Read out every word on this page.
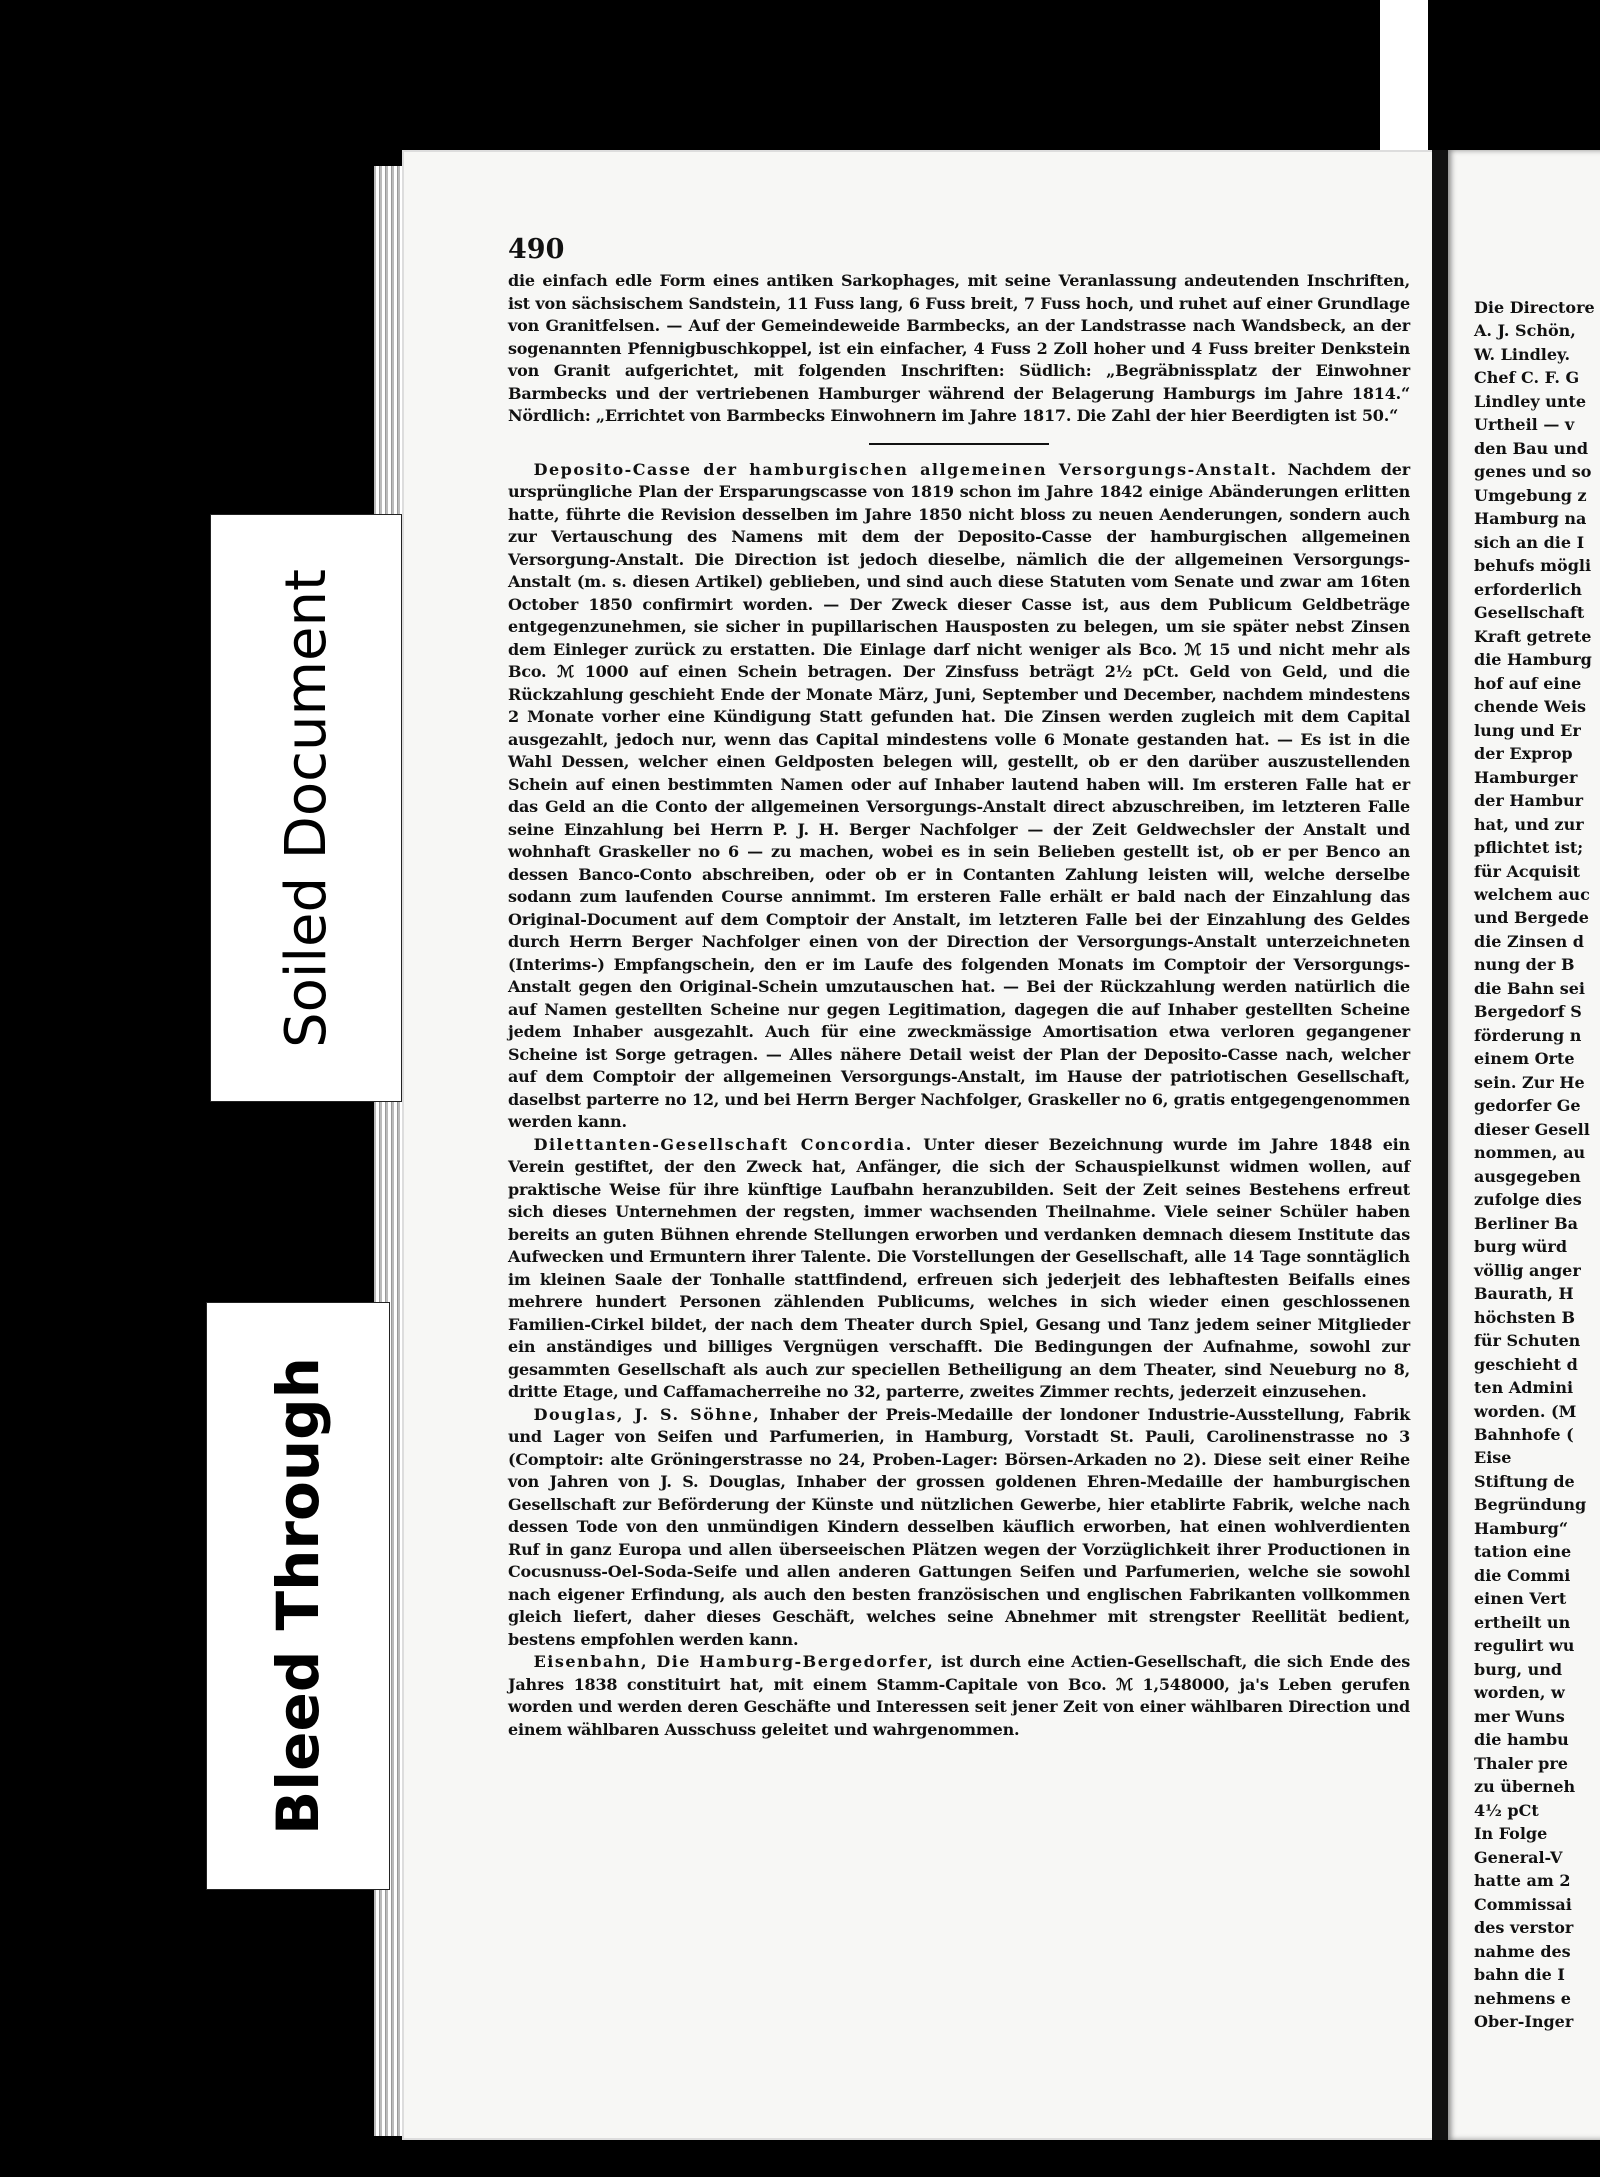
490

die einfach edle Form eines antiken Sarkophages, mit seine Veranlassung andeutenden Inschriften, ist von sächsischem Sandstein, 11 Fuss lang, 6 Fuss breit, 7 Fuss hoch, und ruhet auf einer Grundlage von Granitfelsen. — Auf der Gemeindeweide Barmbecks, an der Landstrasse nach Wandsbeck, an der sogenannten Pfennigbuschkoppel, ist ein einfacher, 4 Fuss 2 Zoll hoher und 4 Fuss breiter Denkstein von Granit aufgerichtet, mit folgenden Inschriften: Südlich: „Begräbnissplatz der Einwohner Barmbecks und der vertriebenen Hamburger während der Belagerung Hamburgs im Jahre 1814.“ Nördlich: „Errichtet von Barmbecks Einwohnern im Jahre 1817. Die Zahl der hier Beerdigten ist 50.“

Deposito-Casse der hamburgischen allgemeinen Versorgungs-Anstalt. Nachdem der ursprüngliche Plan der Ersparungscasse von 1819 schon im Jahre 1842 einige Abänderungen erlitten hatte, führte die Revision desselben im Jahre 1850 nicht bloss zu neuen Aenderungen, sondern auch zur Vertauschung des Namens mit dem der Deposito-Casse der hamburgischen allgemeinen Versorgung-Anstalt. Die Direction ist jedoch dieselbe, nämlich die der allgemeinen Versorgungs-Anstalt (m. s. diesen Artikel) geblieben, und sind auch diese Statuten vom Senate und zwar am 16ten October 1850 confirmirt worden. — Der Zweck dieser Casse ist, aus dem Publicum Geldbeträge entgegenzunehmen, sie sicher in pupillarischen Hausposten zu belegen, um sie später nebst Zinsen dem Einleger zurück zu erstatten. Die Einlage darf nicht weniger als Bco. ℳ 15 und nicht mehr als Bco. ℳ 1000 auf einen Schein betragen. Der Zinsfuss beträgt 2½ pCt. Geld von Geld, und die Rückzahlung geschieht Ende der Monate März, Juni, September und December, nachdem mindestens 2 Monate vorher eine Kündigung Statt gefunden hat. Die Zinsen werden zugleich mit dem Capital ausgezahlt, jedoch nur, wenn das Capital mindestens volle 6 Monate gestanden hat. — Es ist in die Wahl Dessen, welcher einen Geldposten belegen will, gestellt, ob er den darüber auszustellenden Schein auf einen bestimmten Namen oder auf Inhaber lautend haben will. Im ersteren Falle hat er das Geld an die Conto der allgemeinen Versorgungs-Anstalt direct abzuschreiben, im letzteren Falle seine Einzahlung bei Herrn P. J. H. Berger Nachfolger — der Zeit Geldwechsler der Anstalt und wohnhaft Graskeller no 6 — zu machen, wobei es in sein Belieben gestellt ist, ob er per Benco an dessen Banco-Conto abschreiben, oder ob er in Contanten Zahlung leisten will, welche derselbe sodann zum laufenden Course annimmt. Im ersteren Falle erhält er bald nach der Einzahlung das Original-Document auf dem Comptoir der Anstalt, im letzteren Falle bei der Einzahlung des Geldes durch Herrn Berger Nachfolger einen von der Direction der Versorgungs-Anstalt unterzeichneten (Interims-) Empfangschein, den er im Laufe des folgenden Monats im Comptoir der Versorgungs-Anstalt gegen den Original-Schein umzutauschen hat. — Bei der Rückzahlung werden natürlich die auf Namen gestellten Scheine nur gegen Legitimation, dagegen die auf Inhaber gestellten Scheine jedem Inhaber ausgezahlt. Auch für eine zweckmässige Amortisation etwa verloren gegangener Scheine ist Sorge getragen. — Alles nähere Detail weist der Plan der Deposito-Casse nach, welcher auf dem Comptoir der allgemeinen Versorgungs-Anstalt, im Hause der patriotischen Gesellschaft, daselbst parterre no 12, und bei Herrn Berger Nachfolger, Graskeller no 6, gratis entgegengenommen werden kann.

Dilettanten-Gesellschaft Concordia. Unter dieser Bezeichnung wurde im Jahre 1848 ein Verein gestiftet, der den Zweck hat, Anfänger, die sich der Schauspielkunst widmen wollen, auf praktische Weise für ihre künftige Laufbahn heranzubilden. Seit der Zeit seines Bestehens erfreut sich dieses Unternehmen der regsten, immer wachsenden Theilnahme. Viele seiner Schüler haben bereits an guten Bühnen ehrende Stellungen erworben und verdanken demnach diesem Institute das Aufwecken und Ermuntern ihrer Talente. Die Vorstellungen der Gesellschaft, alle 14 Tage sonntäglich im kleinen Saale der Tonhalle stattfindend, erfreuen sich jederjeit des lebhaftesten Beifalls eines mehrere hundert Personen zählenden Publicums, welches in sich wieder einen geschlossenen Familien-Cirkel bildet, der nach dem Theater durch Spiel, Gesang und Tanz jedem seiner Mitglieder ein anständiges und billiges Vergnügen verschafft. Die Bedingungen der Aufnahme, sowohl zur gesammten Gesellschaft als auch zur speciellen Betheiligung an dem Theater, sind Neueburg no 8, dritte Etage, und Caffamacherreihe no 32, parterre, zweites Zimmer rechts, jederzeit einzusehen.

Douglas, J. S. Söhne, Inhaber der Preis-Medaille der londoner Industrie-Ausstellung, Fabrik und Lager von Seifen und Parfumerien, in Hamburg, Vorstadt St. Pauli, Carolinenstrasse no 3 (Comptoir: alte Gröningerstrasse no 24, Proben-Lager: Börsen-Arkaden no 2). Diese seit einer Reihe von Jahren von J. S. Douglas, Inhaber der grossen goldenen Ehren-Medaille der hamburgischen Gesellschaft zur Beförderung der Künste und nützlichen Gewerbe, hier etablirte Fabrik, welche nach dessen Tode von den unmündigen Kindern desselben käuflich erworben, hat einen wohlverdienten Ruf in ganz Europa und allen überseeischen Plätzen wegen der Vorzüglichkeit ihrer Productionen in Cocusnuss-Oel-Soda-Seife und allen anderen Gattungen Seifen und Parfumerien, welche sie sowohl nach eigener Erfindung, als auch den besten französischen und englischen Fabrikanten vollkommen gleich liefert, daher dieses Geschäft, welches seine Abnehmer mit strengster Reellität bedient, bestens empfohlen werden kann.

Eisenbahn, Die Hamburg-Bergedorfer, ist durch eine Actien-Gesellschaft, die sich Ende des Jahres 1838 constituirt hat, mit einem Stamm-Capitale von Bco. ℳ 1,548000, ja's Leben gerufen worden und werden deren Geschäfte und Interessen seit jener Zeit von einer wählbaren Direction und einem wählbaren Ausschuss geleitet und wahrgenommen.

Die Directore
A. J. Schön,
W. Lindley.
Chef C. F. G
Lindley unte
Urtheil — v
den Bau und
genes und so
Umgebung z
Hamburg na
sich an die I
behufs mögli
erforderlich
Gesellschaft
Kraft getrete
die Hamburg
hof auf eine
chende Weis
lung und Er
der Exprop
Hamburger
der Hambur
hat, und zur
pflichtet ist;
für Acquisit
welchem auc
und Bergede
die Zinsen d
nung der B
die Bahn sei
Bergedorf S
förderung n
einem Orte
sein. Zur He
gedorfer Ge
dieser Gesell
nommen, au
ausgegeben
zufolge dies
Berliner Ba
burg würd
völlig anger
Baurath, H
höchsten B
für Schuten
geschieht d
ten Admini
worden. (M
Bahnhofe (
Eise
Stiftung de
Begründung
Hamburg“
tation eine
die Commi
einen Vert
ertheilt un
regulirt wu
burg, und
worden, w
mer Wuns
die hambu
Thaler pre
zu überneh
4½ pCt
In Folge
General-V
hatte am 2
Commissai
des verstor
nahme des
bahn die I
nehmens e
Ober-Inger
Soiled Document
Bleed Through
